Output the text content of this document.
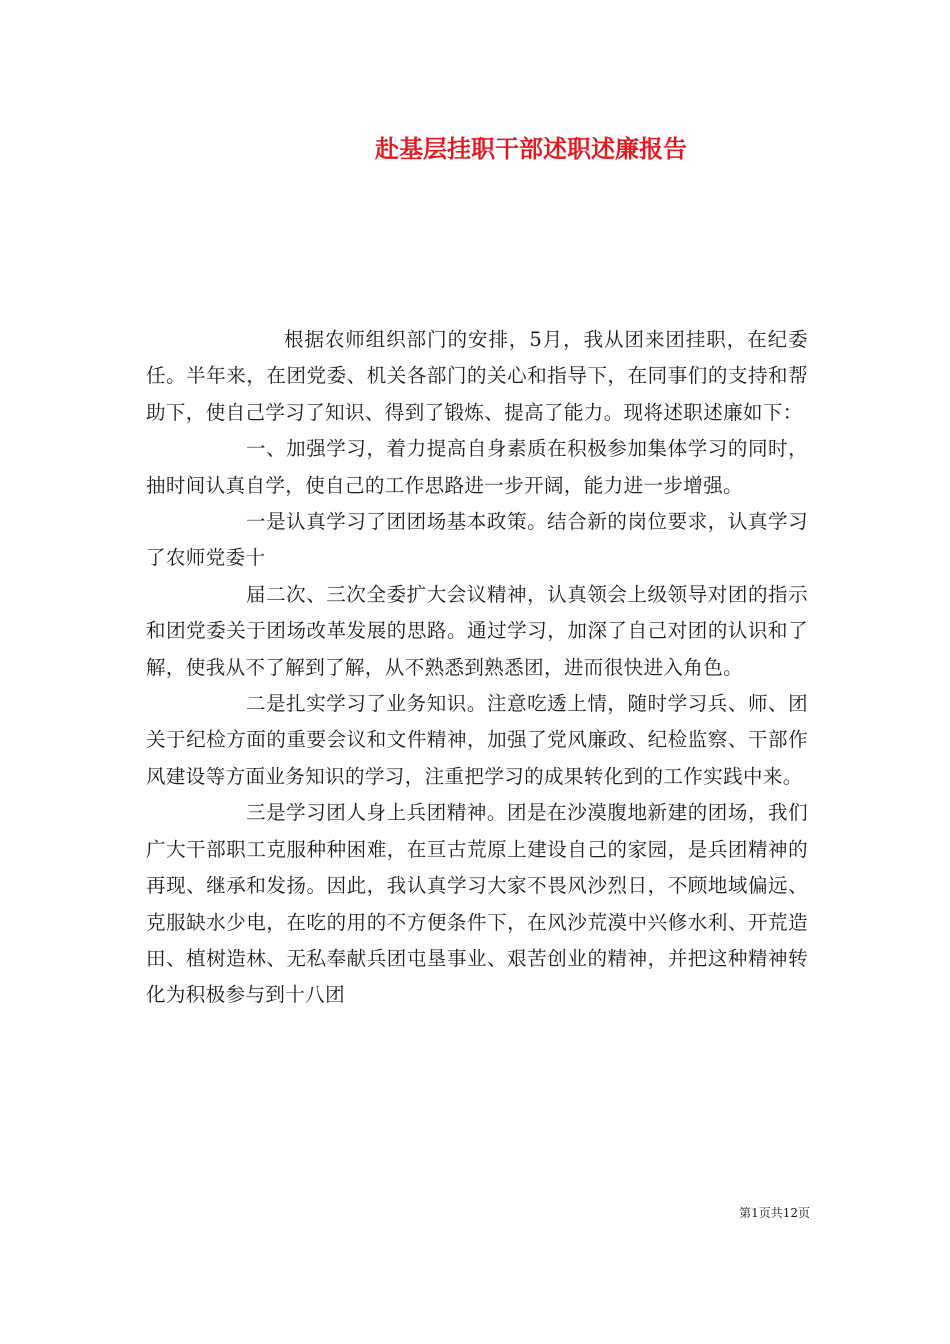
赴基层挂职干部述职述廉报告

根据农师组织部门的安排，5月，我从团来团挂职，在纪委任。半年来，在团党委、机关各部门的关心和指导下，在同事们的支持和帮助下，使自己学习了知识、得到了锻炼、提高了能力。现将述职述廉如下：

一、加强学习，着力提高自身素质在积极参加集体学习的同时，抽时间认真自学，使自己的工作思路进一步开阔，能力进一步增强。

一是认真学习了团团场基本政策。结合新的岗位要求，认真学习了农师党委十

届二次、三次全委扩大会议精神，认真领会上级领导对团的指示和团党委关于团场改革发展的思路。通过学习，加深了自己对团的认识和了解，使我从不了解到了解，从不熟悉到熟悉团，进而很快进入角色。

二是扎实学习了业务知识。注意吃透上情，随时学习兵、师、团关于纪检方面的重要会议和文件精神，加强了党风廉政、纪检监察、干部作风建设等方面业务知识的学习，注重把学习的成果转化到的工作实践中来。

三是学习团人身上兵团精神。团是在沙漠腹地新建的团场，我们广大干部职工克服种种困难，在亘古荒原上建设自己的家园，是兵团精神的再现、继承和发扬。因此，我认真学习大家不畏风沙烈日，不顾地域偏远、克服缺水少电，在吃的用的不方便条件下，在风沙荒漠中兴修水利、开荒造田、植树造林、无私奉献兵团屯垦事业、艰苦创业的精神，并把这种精神转化为积极参与到十八团

第1页共12页
